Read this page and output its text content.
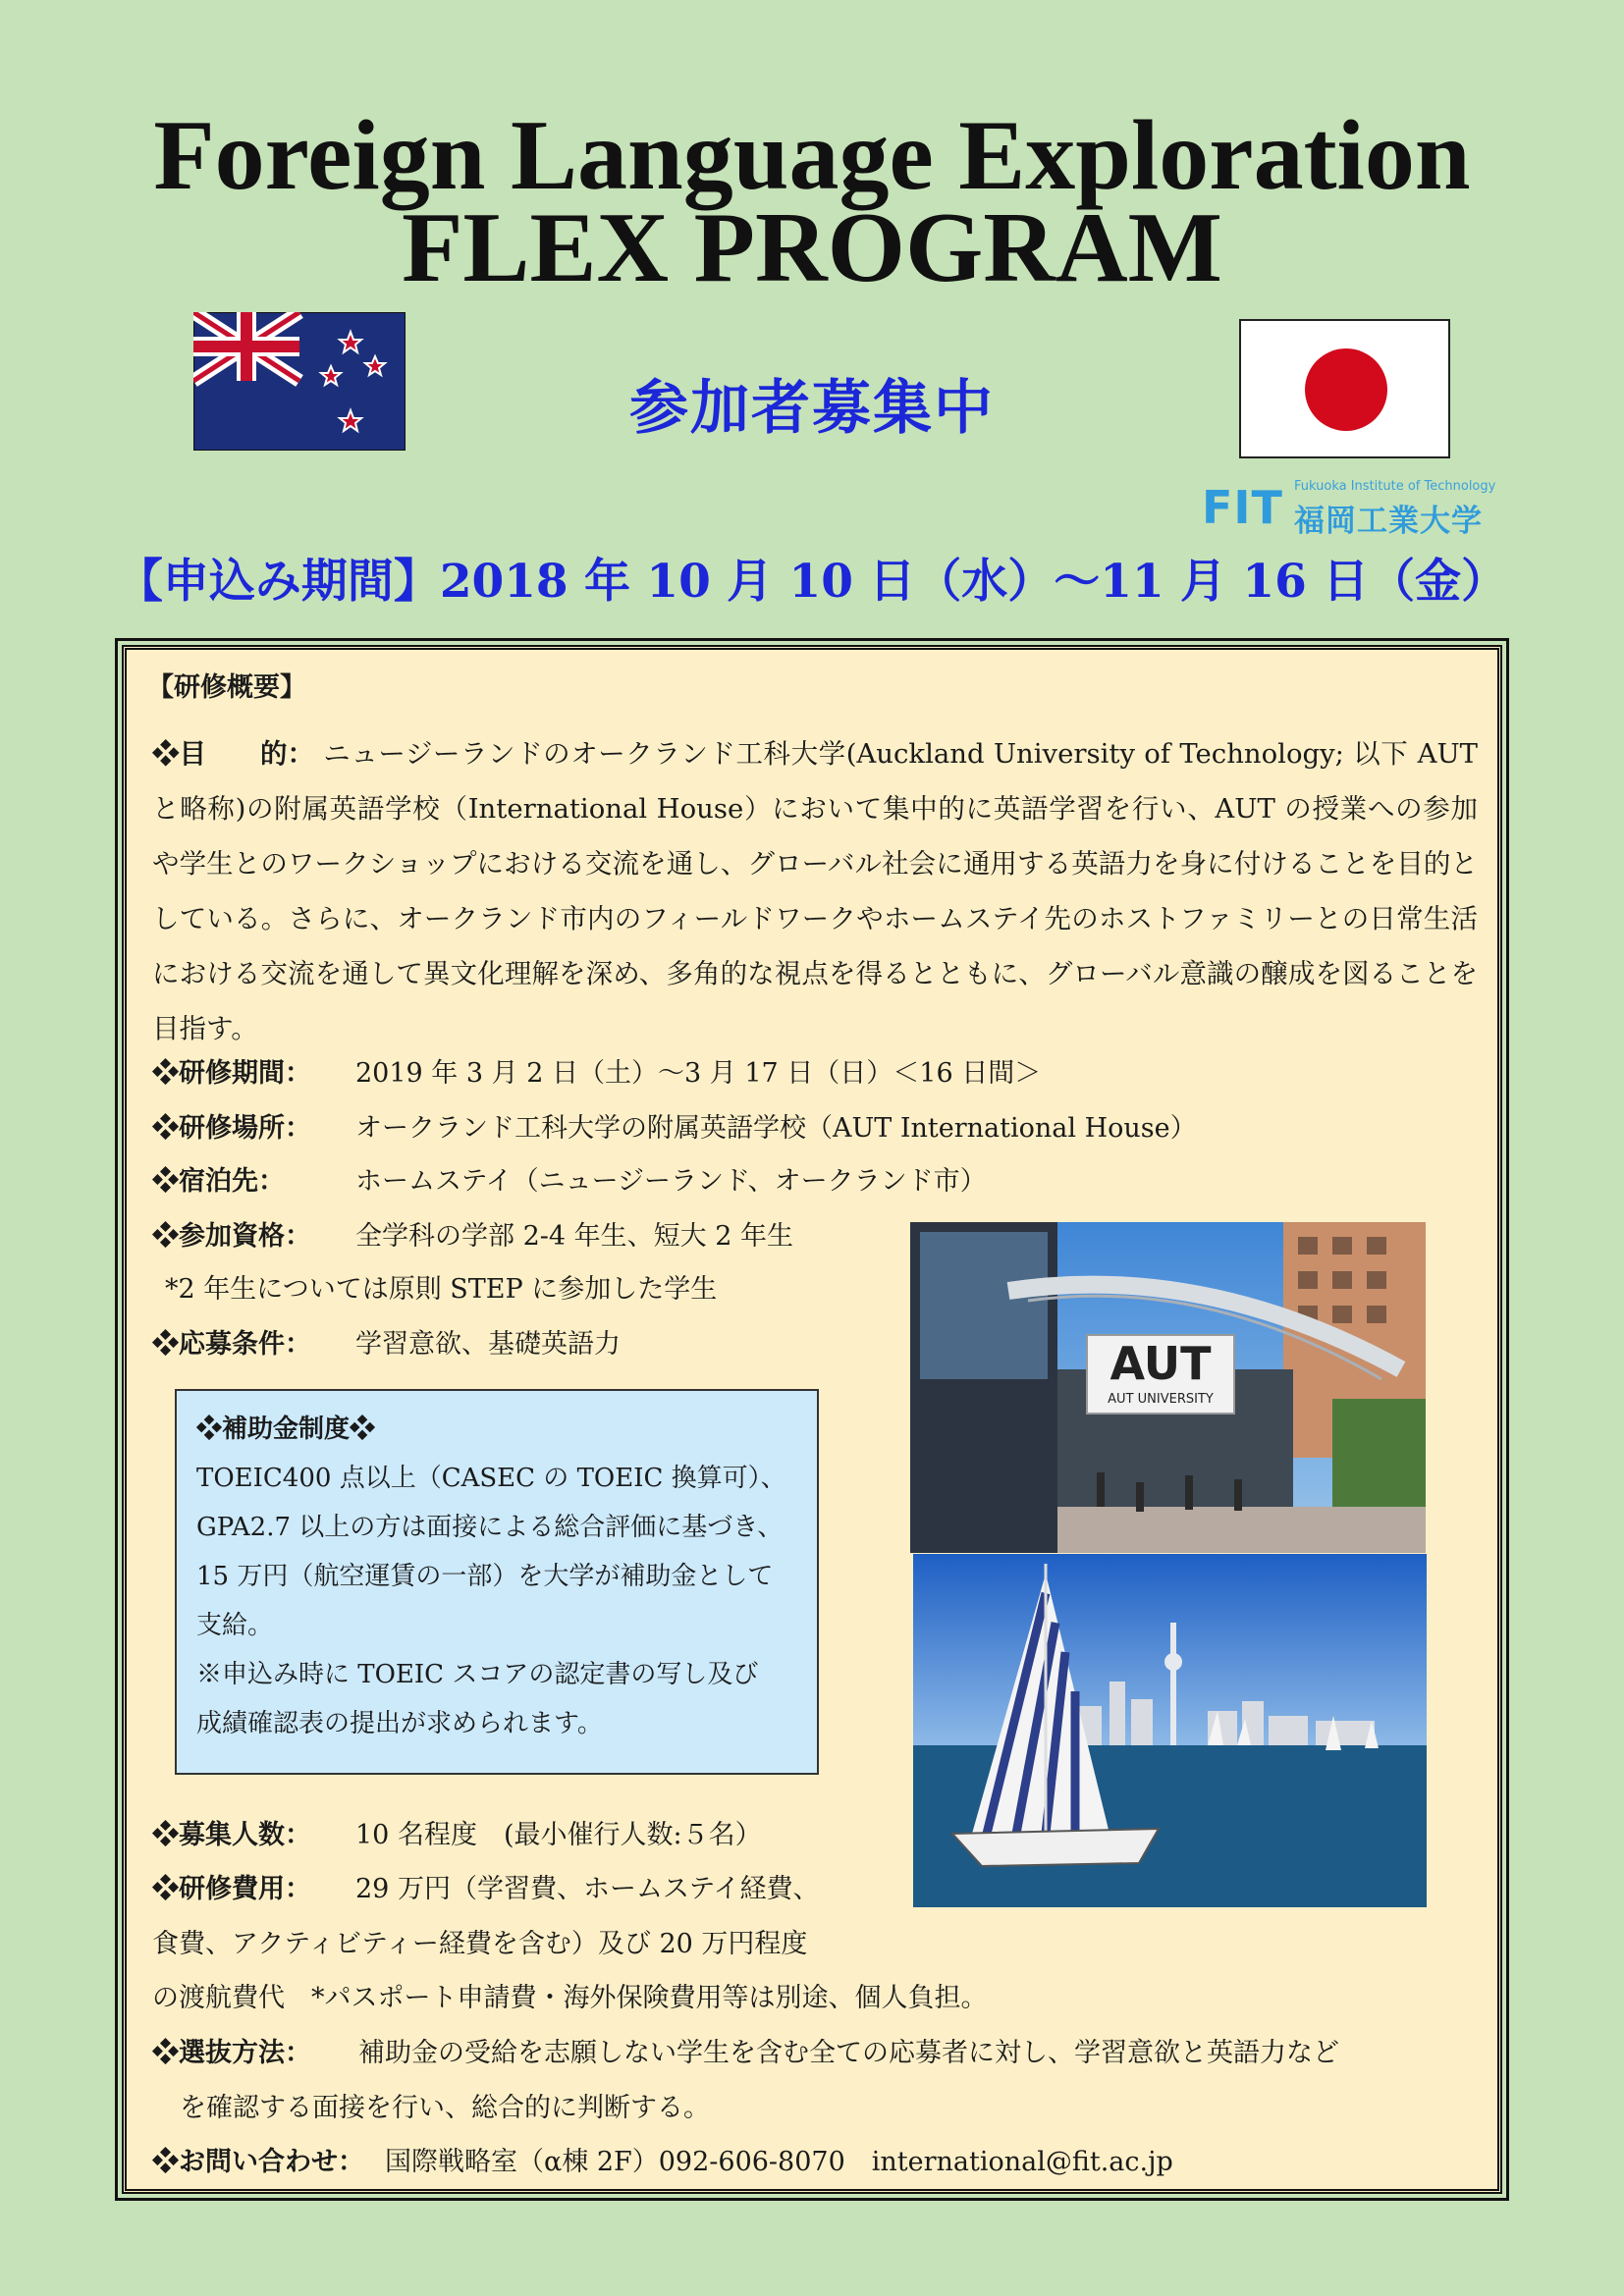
Foreign Language Exploration
FLEX PROGRAM
参加者募集中
FIT Fukuoka Institute of Technology
福岡工業大学
【申込み期間】2018 年 10 月 10 日（水）～11 月 16 日（金）
【研修概要】
❖目　　的： ニュージーランドのオークランド工科大学(Auckland University of Technology; 以下 AUT と略称)の附属英語学校（International House）において集中的に英語学習を行い、AUT の授業への参加や学生とのワークショップにおける交流を通し、グローバル社会に通用する英語力を身に付けることを目的としている。さらに、オークランド市内のフィールドワークやホームステイ先のホストファミリーとの日常生活における交流を通して異文化理解を深め、多角的な視点を得るとともに、グローバル意識の醸成を図ることを目指す。
❖研修期間： 2019 年 3 月 2 日（土）～3 月 17 日（日）＜16 日間＞
❖研修場所： オークランド工科大学の附属英語学校（AUT International House）
❖宿泊先：	ホームステイ（ニュージーランド、オークランド市）
❖参加資格： 全学科の学部 2-4 年生、短大 2 年生
*2 年生については原則 STEP に参加した学生
❖応募条件： 学習意欲、基礎英語力
❖補助金制度❖
TOEIC400 点以上（CASEC の TOEIC 換算可）、
GPA2.7 以上の方は面接による総合評価に基づき、
15 万円（航空運賃の一部）を大学が補助金として
支給。
※申込み時に TOEIC スコアの認定書の写し及び
成績確認表の提出が求められます。
AUT
AUT UNIVERSITY
❖募集人数： 10 名程度　(最小催行人数:５名）
❖研修費用： 29 万円（学習費、ホームステイ経費、
食費、アクティビティー経費を含む）及び 20 万円程度
の渡航費代　*パスポート申請費・海外保険費用等は別途、個人負担。
❖選抜方法： 補助金の受給を志願しない学生を含む全ての応募者に対し、学習意欲と英語力など
を確認する面接を行い、総合的に判断する。
❖お問い合わせ： 国際戦略室（α棟 2F）092-606-8070　international@fit.ac.jp
